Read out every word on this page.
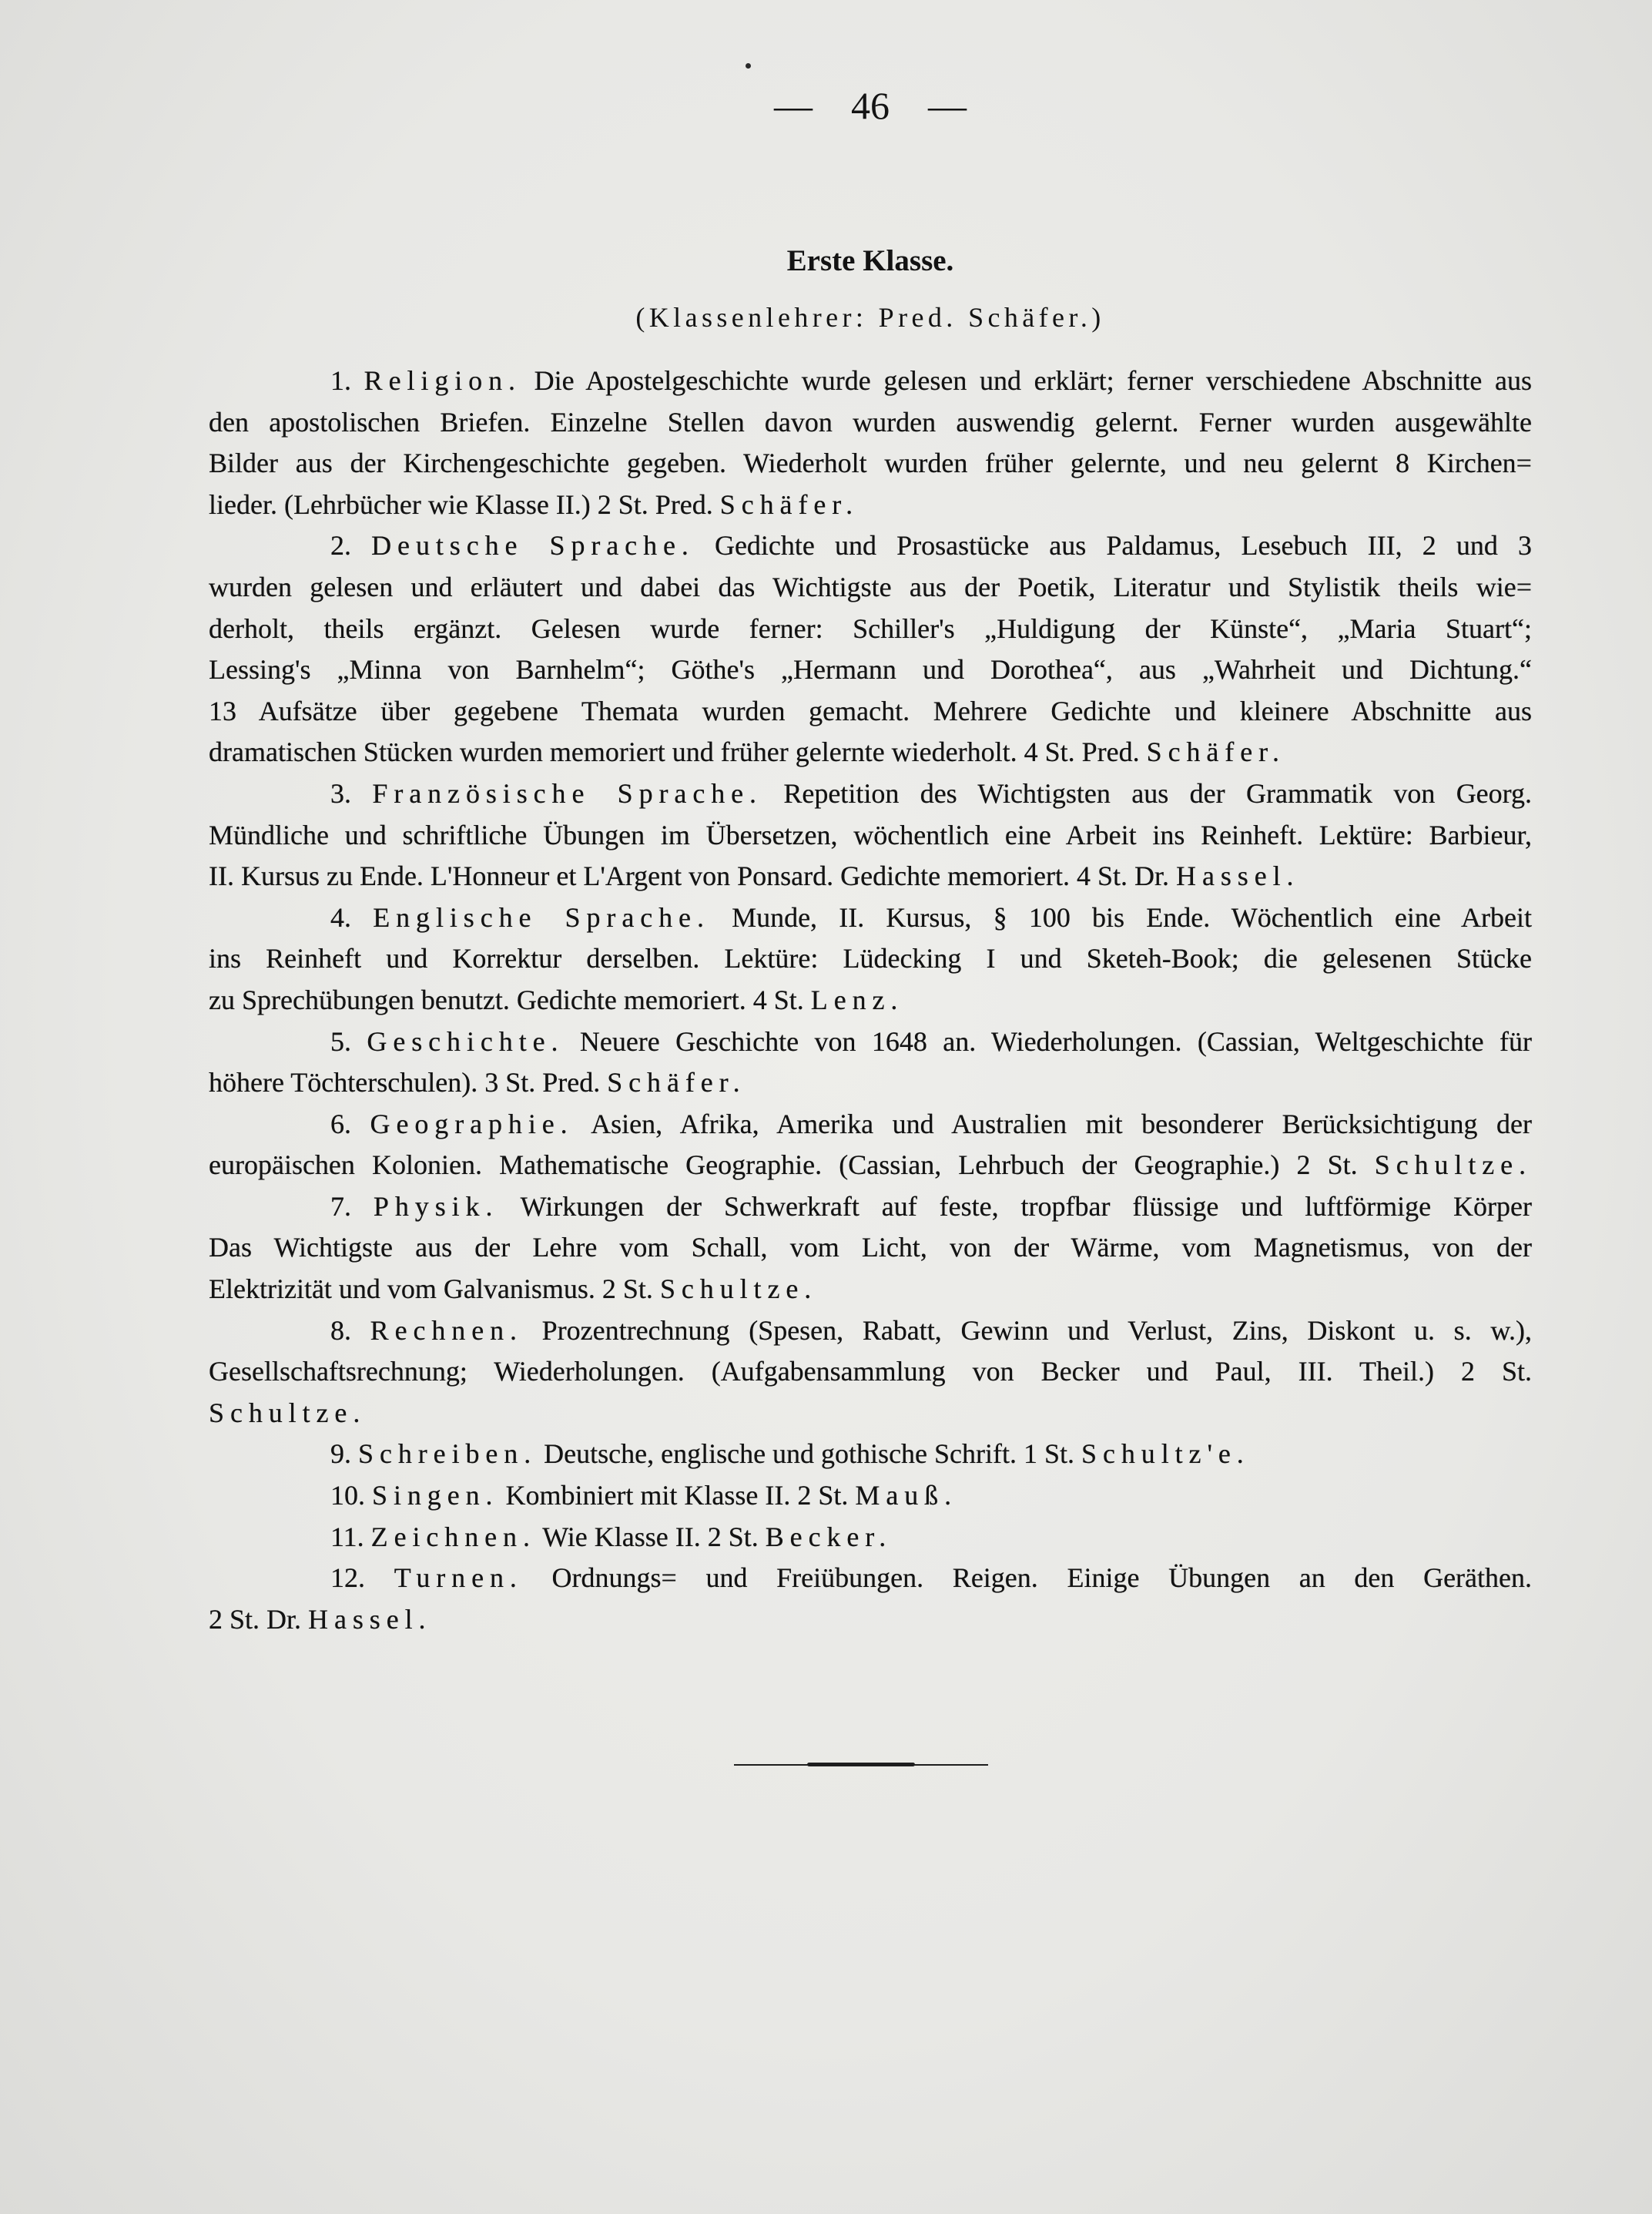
— 46 —
Erste Klasse.
(Klassenlehrer: Pred. Schäfer.)
1. Religion. Die Apostelgeschichte wurde gelesen und erklärt; ferner verschiedene Abschnitte aus
den apostolischen Briefen. Einzelne Stellen davon wurden auswendig gelernt. Ferner wurden ausgewählte
Bilder aus der Kirchengeschichte gegeben. Wiederholt wurden früher gelernte, und neu gelernt 8 Kirchen=
lieder. (Lehrbücher wie Klasse II.) 2 St. Pred. Schäfer.
2. Deutsche Sprache. Gedichte und Prosastücke aus Paldamus, Lesebuch III, 2 und 3
wurden gelesen und erläutert und dabei das Wichtigste aus der Poetik, Literatur und Stylistik theils wie=
derholt, theils ergänzt. Gelesen wurde ferner: Schiller's „Huldigung der Künste“, „Maria Stuart“;
Lessing's „Minna von Barnhelm“; Göthe's „Hermann und Dorothea“, aus „Wahrheit und Dichtung.“
13 Aufsätze über gegebene Themata wurden gemacht. Mehrere Gedichte und kleinere Abschnitte aus
dramatischen Stücken wurden memoriert und früher gelernte wiederholt. 4 St. Pred. Schäfer.
3. Französische Sprache. Repetition des Wichtigsten aus der Grammatik von Georg.
Mündliche und schriftliche Übungen im Übersetzen, wöchentlich eine Arbeit ins Reinheft. Lektüre: Barbieur,
II. Kursus zu Ende. L'Honneur et L'Argent von Ponsard. Gedichte memoriert. 4 St. Dr. Hassel.
4. Englische Sprache. Munde, II. Kursus, § 100 bis Ende. Wöchentlich eine Arbeit
ins Reinheft und Korrektur derselben. Lektüre: Lüdecking I und Sketeh-Book; die gelesenen Stücke
zu Sprechübungen benutzt. Gedichte memoriert. 4 St. Lenz.
5. Geschichte. Neuere Geschichte von 1648 an. Wiederholungen. (Cassian, Weltgeschichte für
höhere Töchterschulen). 3 St. Pred. Schäfer.
6. Geographie. Asien, Afrika, Amerika und Australien mit besonderer Berücksichtigung der
europäischen Kolonien. Mathematische Geographie. (Cassian, Lehrbuch der Geographie.) 2 St. Schultze.
7. Physik. Wirkungen der Schwerkraft auf feste, tropfbar flüssige und luftförmige Körper
Das Wichtigste aus der Lehre vom Schall, vom Licht, von der Wärme, vom Magnetismus, von der
Elektrizität und vom Galvanismus. 2 St. Schultze.
8. Rechnen. Prozentrechnung (Spesen, Rabatt, Gewinn und Verlust, Zins, Diskont u. s. w.),
Gesellschaftsrechnung; Wiederholungen. (Aufgabensammlung von Becker und Paul, III. Theil.) 2 St.
Schultze.
9. Schreiben. Deutsche, englische und gothische Schrift. 1 St. Schultz'e.
10. Singen. Kombiniert mit Klasse II. 2 St. Mauß.
11. Zeichnen. Wie Klasse II. 2 St. Becker.
12. Turnen. Ordnungs= und Freiübungen. Reigen. Einige Übungen an den Geräthen.
2 St. Dr. Hassel.
